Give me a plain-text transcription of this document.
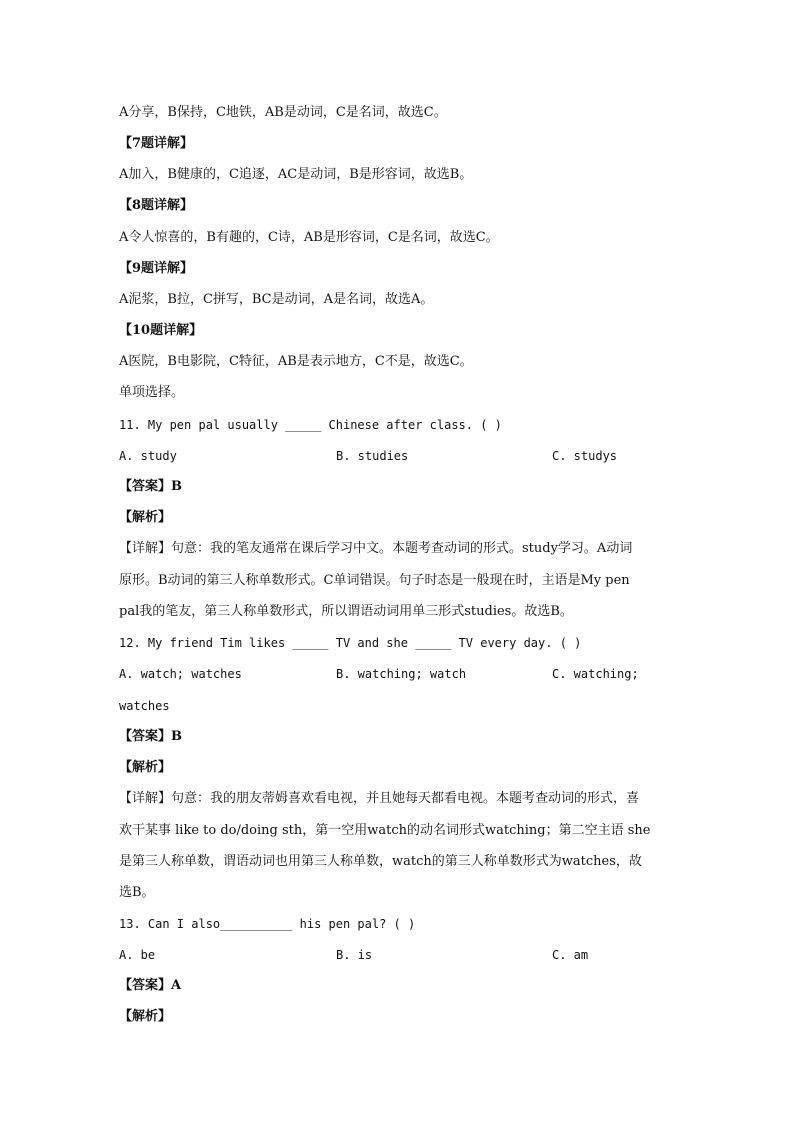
A分享，B保持，C地铁，AB是动词，C是名词，故选C。
【7题详解】
A加入，B健康的，C追逐，AC是动词，B是形容词，故选B。
【8题详解】
A令人惊喜的，B有趣的，C诗，AB是形容词，C是名词，故选C。
【9题详解】
A泥浆，B拉，C拼写，BC是动词，A是名词，故选A。
【10题详解】
A医院，B电影院，C特征，AB是表示地方，C不是，故选C。
单项选择。
11. My pen pal usually _____ Chinese after class. ( )
A. study	B. studies	C. studys
【答案】B
【解析】
【详解】句意：我的笔友通常在课后学习中文。本题考查动词的形式。study学习。A动词
原形。B动词的第三人称单数形式。C单词错误。句子时态是一般现在时，主语是My pen
pal我的笔友，第三人称单数形式，所以谓语动词用单三形式studies。故选B。
12. My friend Tim likes _____ TV and she _____ TV every day. ( )
A. watch; watches	B. watching; watch	C. watching;
watches
【答案】B
【解析】
【详解】句意：我的朋友蒂姆喜欢看电视，并且她每天都看电视。本题考查动词的形式，喜
欢干某事 like to do/doing sth，第一空用watch的动名词形式watching；第二空主语 she
是第三人称单数，谓语动词也用第三人称单数，watch的第三人称单数形式为watches，故
选B。
13. Can I also__________ his pen pal? ( )
A. be	B. is	C. am
【答案】A
【解析】
